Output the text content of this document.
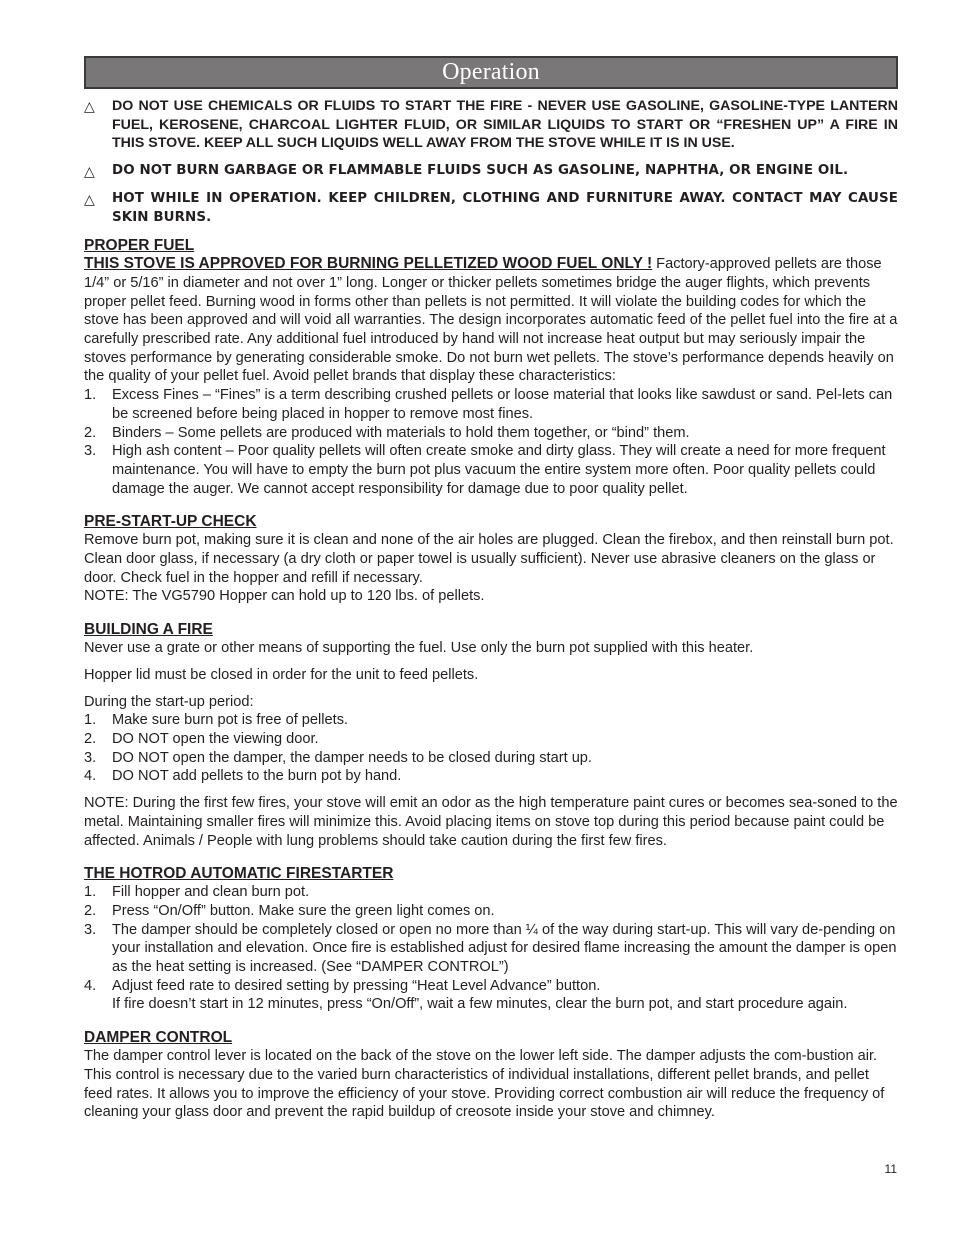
Operation
△	DO NOT USE CHEMICALS OR FLUIDS TO START THE FIRE - NEVER USE GASOLINE, GASOLINE-TYPE LANTERN FUEL, KEROSENE, CHARCOAL LIGHTER FLUID, OR SIMILAR LIQUIDS TO START OR “FRESHEN UP” A FIRE IN THIS STOVE. KEEP ALL SUCH LIQUIDS WELL AWAY FROM THE STOVE WHILE IT IS IN USE.
△	DO NOT BURN GARBAGE OR FLAMMABLE FLUIDS SUCH AS GASOLINE, NAPHTHA, OR ENGINE OIL.
△	HOT WHILE IN OPERATION. KEEP CHILDREN, CLOTHING AND FURNITURE AWAY. CONTACT MAY CAUSE SKIN BURNS.
PROPER FUEL

THIS STOVE IS APPROVED FOR BURNING PELLETIZED WOOD FUEL ONLY ! Factory-approved pellets are those 1/4” or 5/16” in diameter and not over 1” long. Longer or thicker pellets sometimes bridge the auger flights, which prevents proper pellet feed. Burning wood in forms other than pellets is not permitted. It will violate the building codes for which the stove has been approved and will void all warranties. The design incorporates automatic feed of the pellet fuel into the fire at a carefully prescribed rate. Any additional fuel introduced by hand will not increase heat output but may seriously impair the stoves performance by generating considerable smoke. Do not burn wet pellets. The stove’s performance depends heavily on the quality of your pellet fuel. Avoid pellet brands that display these characteristics:

1.	Excess Fines – “Fines” is a term describing crushed pellets or loose material that looks like sawdust or sand. Pel-lets can be screened before being placed in hopper to remove most fines.
2.	Binders – Some pellets are produced with materials to hold them together, or “bind” them.
3.	High ash content – Poor quality pellets will often create smoke and dirty glass. They will create a need for more frequent maintenance. You will have to empty the burn pot plus vacuum the entire system more often. Poor quality pellets could damage the auger. We cannot accept responsibility for damage due to poor quality pellet.
PRE-START-UP CHECK

Remove burn pot, making sure it is clean and none of the air holes are plugged. Clean the firebox, and then reinstall burn pot. Clean door glass, if necessary (a dry cloth or paper towel is usually sufficient). Never use abrasive cleaners on the glass or door. Check fuel in the hopper and refill if necessary.

NOTE: The VG5790 Hopper can hold up to 120 lbs. of pellets.

BUILDING A FIRE

Never use a grate or other means of supporting the fuel. Use only the burn pot supplied with this heater.

Hopper lid must be closed in order for the unit to feed pellets.

During the start-up period:

1.	Make sure burn pot is free of pellets.
2.	DO NOT open the viewing door.
3.	DO NOT open the damper, the damper needs to be closed during start up.
4.	DO NOT add pellets to the burn pot by hand.

NOTE: During the first few fires, your stove will emit an odor as the high temperature paint cures or becomes sea-soned to the metal. Maintaining smaller fires will minimize this. Avoid placing items on stove top during this period because paint could be affected. Animals / People with lung problems should take caution during the first few fires.

THE HOTROD AUTOMATIC FIRESTARTER
1.	Fill hopper and clean burn pot.
2.	Press “On/Off” button. Make sure the green light comes on.
3.	The damper should be completely closed or open no more than ¼ of the way during start-up. This will vary de-pending on your installation and elevation. Once fire is established adjust for desired flame increasing the amount the damper is open as the heat setting is increased. (See “DAMPER CONTROL”)
4.	Adjust feed rate to desired setting by pressing “Heat Level Advance” button.
If fire doesn’t start in 12 minutes, press “On/Off”, wait a few minutes, clear the burn pot, and start procedure again.
DAMPER CONTROL

The damper control lever is located on the back of the stove on the lower left side. The damper adjusts the com-bustion air. This control is necessary due to the varied burn characteristics of individual installations, different pellet brands, and pellet feed rates. It allows you to improve the efficiency of your stove. Providing correct combustion air will reduce the frequency of cleaning your glass door and prevent the rapid buildup of creosote inside your stove and chimney.

11
